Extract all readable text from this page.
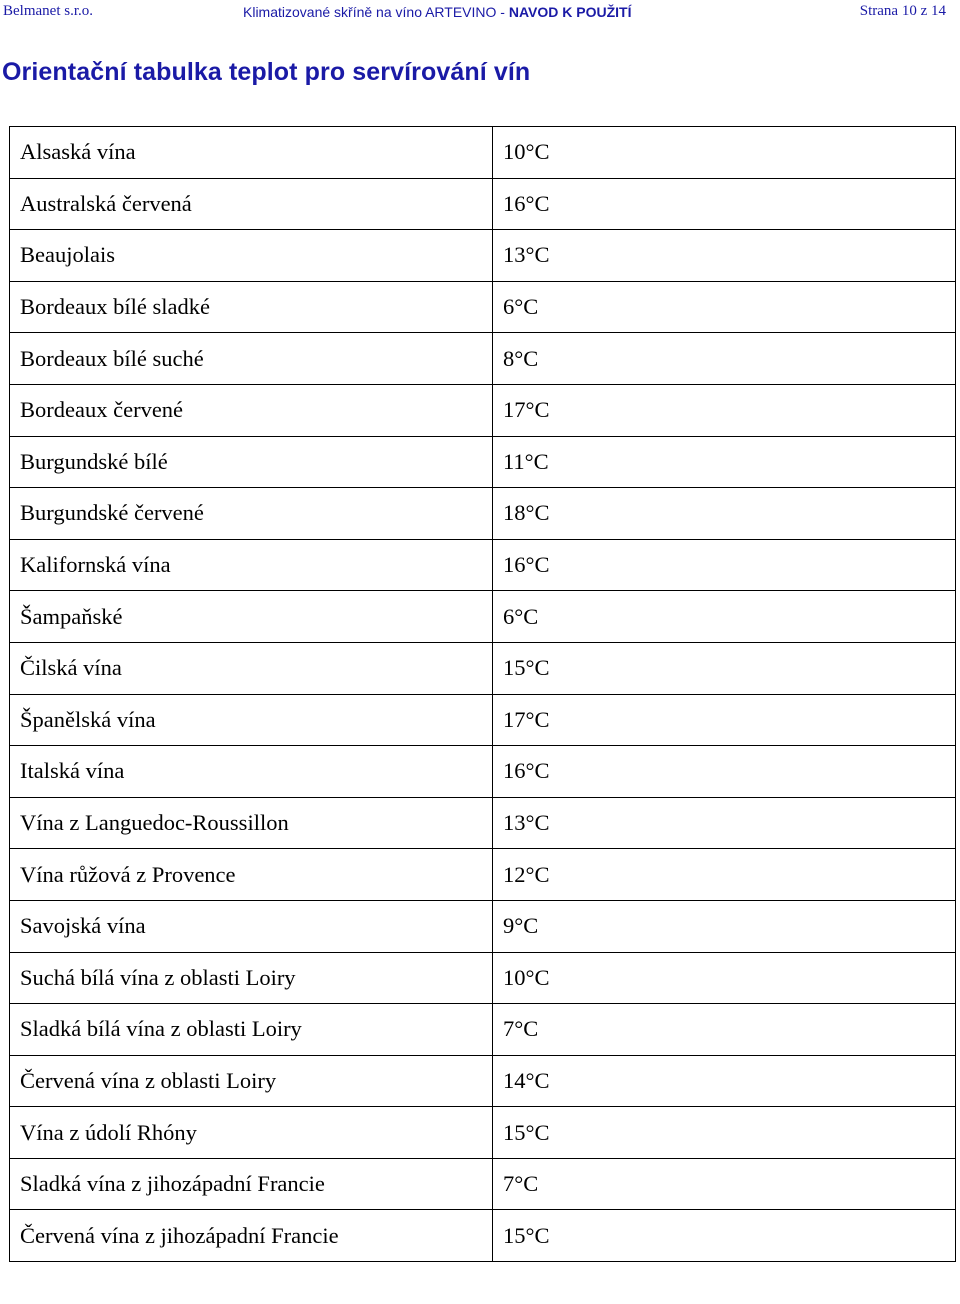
Belmanet s.r.o.	Klimatizované skříně na víno ARTEVINO - NAVOD K POUŽITÍ	Strana 10 z 14
Orientační tabulka teplot pro servírování vín
Alsaská vína	10°C
Australská červená	16°C
Beaujolais	13°C
Bordeaux bílé sladké	6°C
Bordeaux bílé suché	8°C
Bordeaux červené	17°C
Burgundské bílé	11°C
Burgundské červené	18°C
Kalifornská vína	16°C
Šampaňské	6°C
Čilská vína	15°C
Španělská vína	17°C
Italská vína	16°C
Vína z Languedoc-Roussillon	13°C
Vína růžová z Provence	12°C
Savojská vína	9°C
Suchá bílá vína z oblasti Loiry	10°C
Sladká bílá vína z oblasti Loiry	7°C
Červená vína z oblasti Loiry	14°C
Vína z údolí Rhóny	15°C
Sladká vína z jihozápadní Francie	7°C
Červená vína z jihozápadní Francie	15°C
